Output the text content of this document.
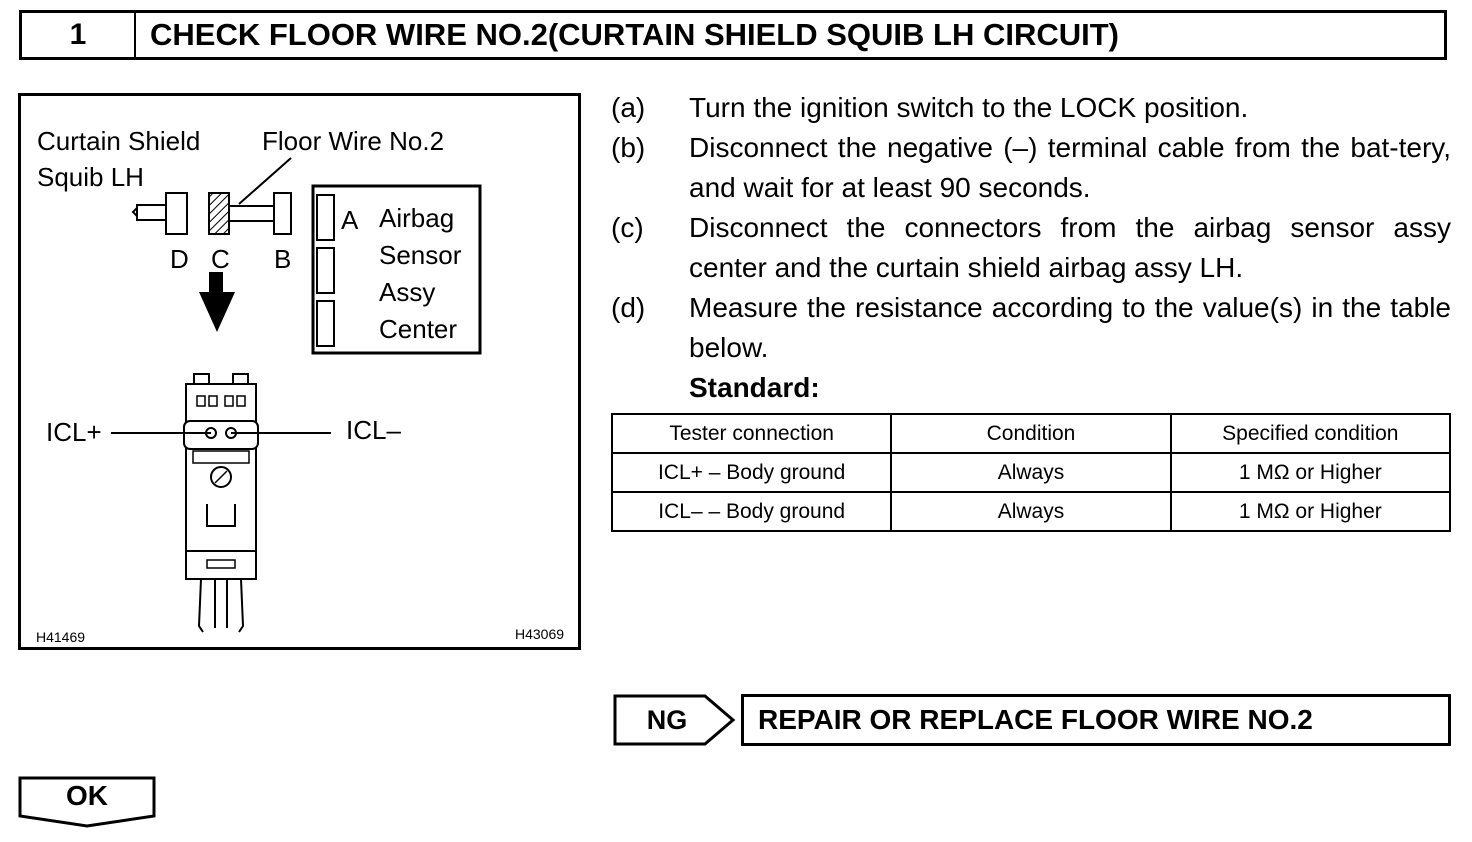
1	CHECK FLOOR WIRE NO.2(CURTAIN SHIELD SQUIB LH CIRCUIT)
Curtain Shield
Squib LH
Floor Wire No.2
D C B
A Airbag
Sensor
Assy
Center
ICL+	ICL–
H41469	H43069
(a)	Turn the ignition switch to the LOCK position.
(b)	Disconnect the negative (–) terminal cable from the bat-tery, and wait for at least 90 seconds.
(c)	Disconnect the connectors from the airbag sensor assy center and the curtain shield airbag assy LH.
(d)	Measure the resistance according to the value(s) in the table below.
Standard:
Tester connection	Condition	Specified condition
ICL+ – Body ground	Always	1 MΩ or Higher
ICL– – Body ground	Always	1 MΩ or Higher
NG	REPAIR OR REPLACE FLOOR WIRE NO.2
OK
